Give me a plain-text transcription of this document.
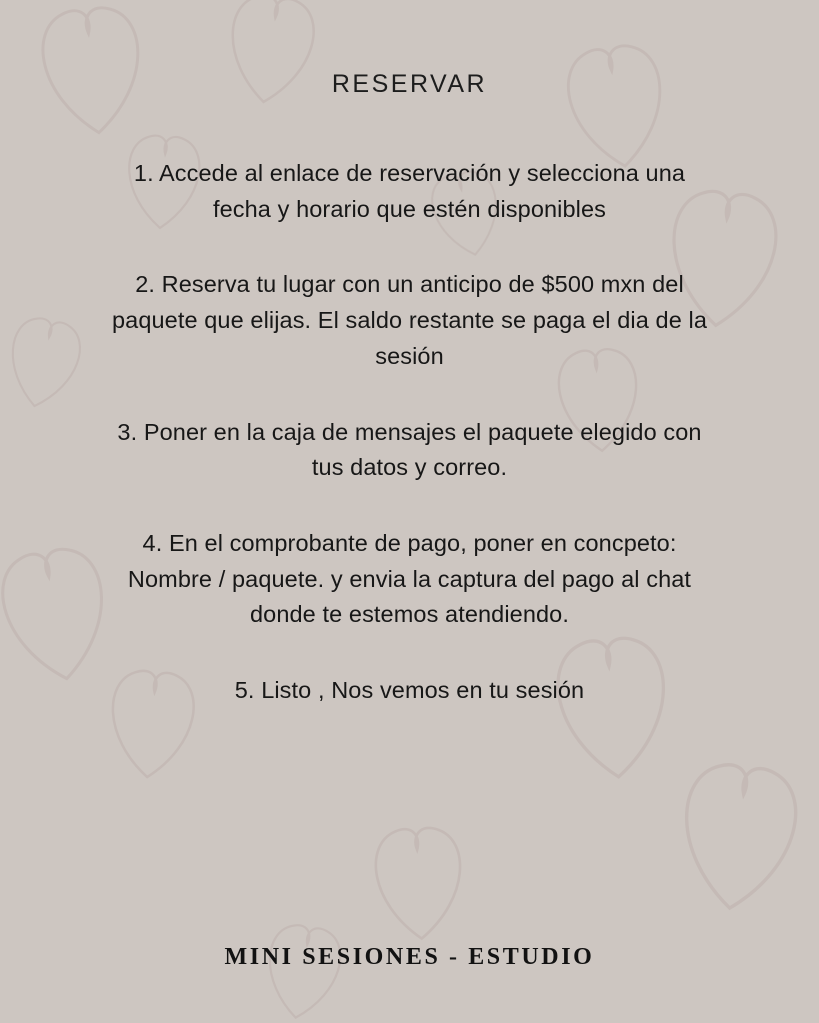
RESERVAR
1. Accede al enlace de reservación y selecciona una fecha y horario que estén disponibles
2. Reserva tu lugar con un anticipo de $500 mxn del paquete que elijas. El saldo restante se paga el dia de la sesión
3. Poner en la caja de mensajes el paquete elegido con tus datos y correo.
4. En el comprobante de pago, poner en concpeto: Nombre / paquete. y envia la captura del pago al chat donde te estemos atendiendo.
5. Listo , Nos vemos en tu sesión
MINI SESIONES - ESTUDIO
